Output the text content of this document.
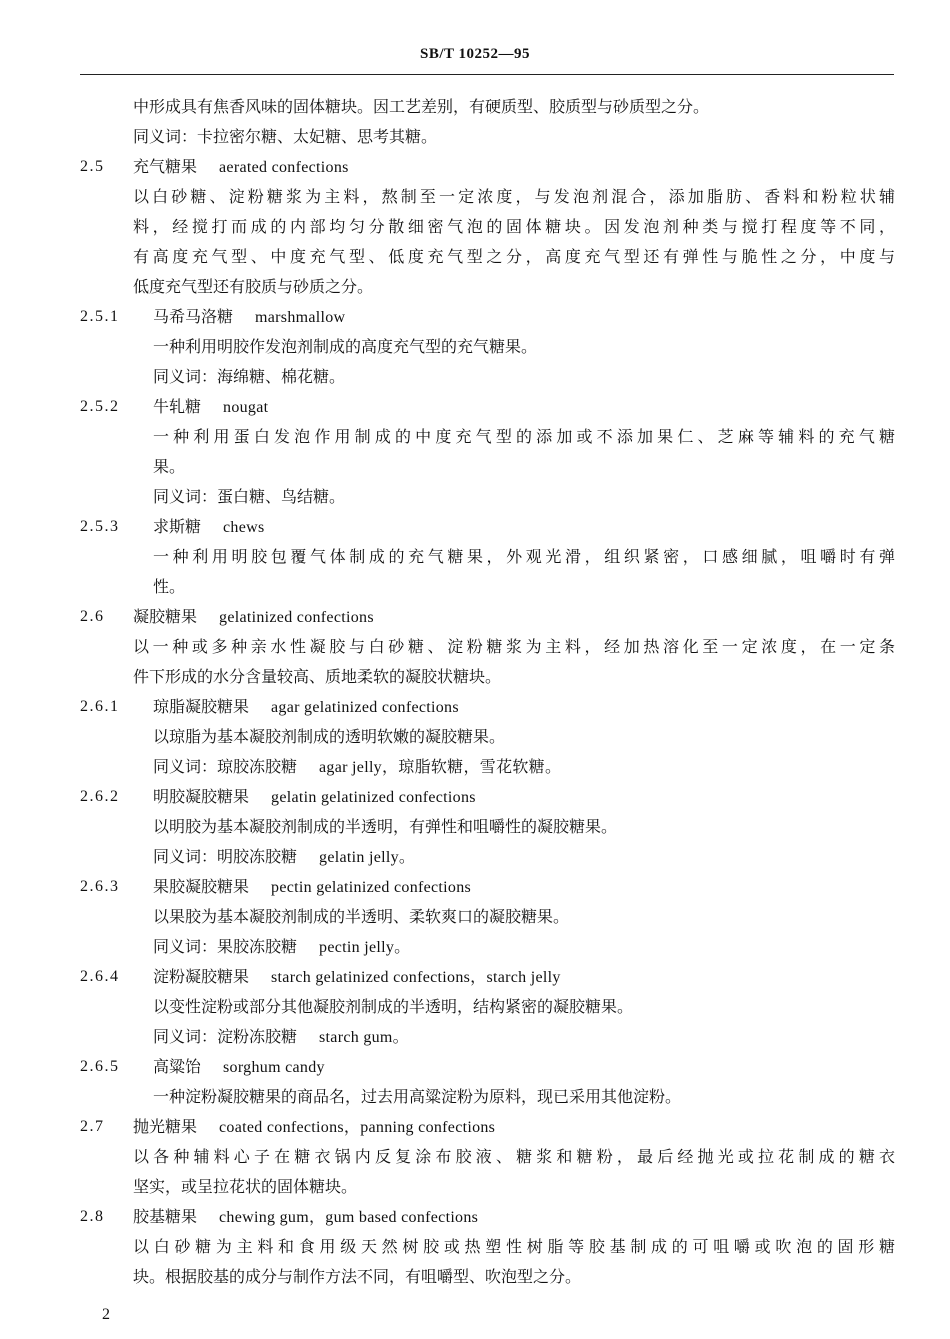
SB/T 10252—95
中形成具有焦香风味的固体糖块。因工艺差别，有硬质型、胶质型与砂质型之分。
同义词：卡拉密尔糖、太妃糖、思考其糖。
2.5 充气糖果 aerated confections
以白砂糖、淀粉糖浆为主料，熬制至一定浓度，与发泡剂混合，添加脂肪、香料和粉粒状辅
料，经搅打而成的内部均匀分散细密气泡的固体糖块。因发泡剂种类与搅打程度等不同，
有高度充气型、中度充气型、低度充气型之分，高度充气型还有弹性与脆性之分，中度与
低度充气型还有胶质与砂质之分。
2.5.1 马希马洛糖 marshmallow
一种利用明胶作发泡剂制成的高度充气型的充气糖果。
同义词：海绵糖、棉花糖。
2.5.2 牛轧糖 nougat
一种利用蛋白发泡作用制成的中度充气型的添加或不添加果仁、芝麻等辅料的充气糖
果。
同义词：蛋白糖、鸟结糖。
2.5.3 求斯糖 chews
一种利用明胶包覆气体制成的充气糖果，外观光滑，组织紧密，口感细腻，咀嚼时有弹
性。
2.6 凝胶糖果 gelatinized confections
以一种或多种亲水性凝胶与白砂糖、淀粉糖浆为主料，经加热溶化至一定浓度，在一定条
件下形成的水分含量较高、质地柔软的凝胶状糖块。
2.6.1 琼脂凝胶糖果 agar gelatinized confections
以琼脂为基本凝胶剂制成的透明软嫩的凝胶糖果。
同义词：琼胶冻胶糖 agar jelly，琼脂软糖，雪花软糖。
2.6.2 明胶凝胶糖果 gelatin gelatinized confections
以明胶为基本凝胶剂制成的半透明，有弹性和咀嚼性的凝胶糖果。
同义词：明胶冻胶糖 gelatin jelly。
2.6.3 果胶凝胶糖果 pectin gelatinized confections
以果胶为基本凝胶剂制成的半透明、柔软爽口的凝胶糖果。
同义词：果胶冻胶糖 pectin jelly。
2.6.4 淀粉凝胶糖果 starch gelatinized confections，starch jelly
以变性淀粉或部分其他凝胶剂制成的半透明，结构紧密的凝胶糖果。
同义词：淀粉冻胶糖 starch gum。
2.6.5 高粱饴 sorghum candy
一种淀粉凝胶糖果的商品名，过去用高粱淀粉为原料，现已采用其他淀粉。
2.7 抛光糖果 coated confections，panning confections
以各种辅料心子在糖衣锅内反复涂布胶液、糖浆和糖粉，最后经抛光或拉花制成的糖衣
坚实，或呈拉花状的固体糖块。
2.8 胶基糖果 chewing gum，gum based confections
以白砂糖为主料和食用级天然树胶或热塑性树脂等胶基制成的可咀嚼或吹泡的固形糖
块。根据胶基的成分与制作方法不同，有咀嚼型、吹泡型之分。
2
